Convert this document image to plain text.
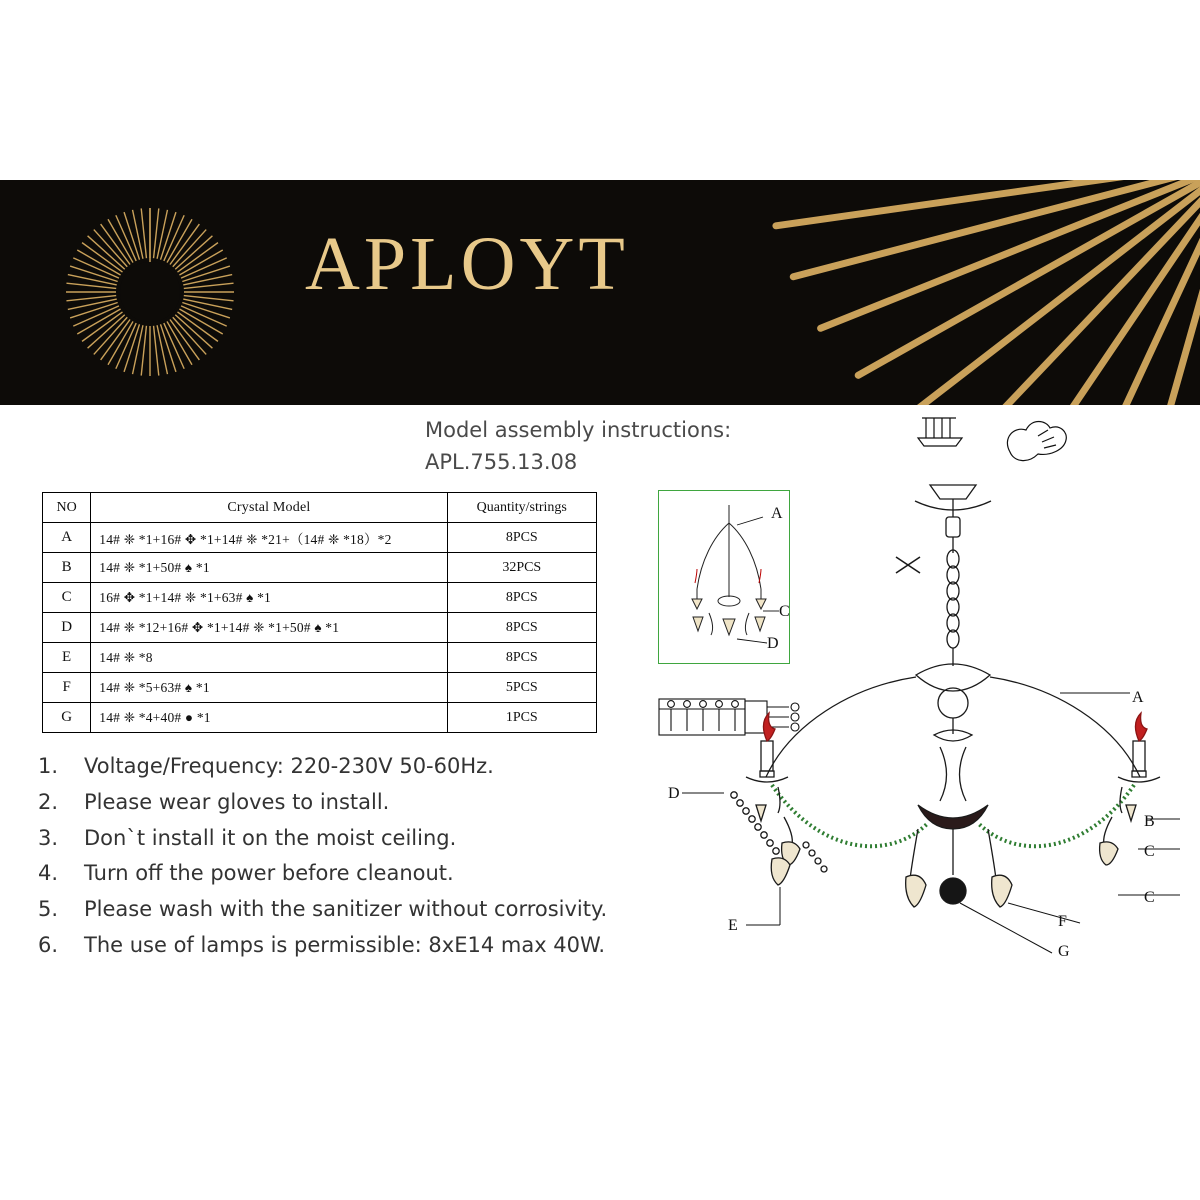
APLOYT
Model assembly instructions:
APL.755.13.08
NO	Crystal Model	Quantity/strings
A	14# ❈ *1+16# ✥ *1+14# ❈ *21+（14# ❈ *18）*2	8PCS
B	14# ❈ *1+50# ♠ *1	32PCS
C	16# ✥ *1+14# ❈ *1+63# ♠ *1	8PCS
D	14# ❈ *12+16# ✥ *1+14# ❈ *1+50# ♠ *1	8PCS
E	14# ❈ *8	8PCS
F	14# ❈ *5+63# ♠ *1	5PCS
G	14# ❈ *4+40# ● *1	1PCS
1.	Voltage/Frequency: 220-230V 50-60Hz.
2.	Please wear gloves to install.
3.	Don`t install it on the moist ceiling.
4.	Turn off the power before cleanout.
5.	Please wash with the sanitizer without corrosivity.
6.	The use of lamps is permissible: 8xE14 max 40W.
A
C
D
A
B
C
C
D
E	F
G
